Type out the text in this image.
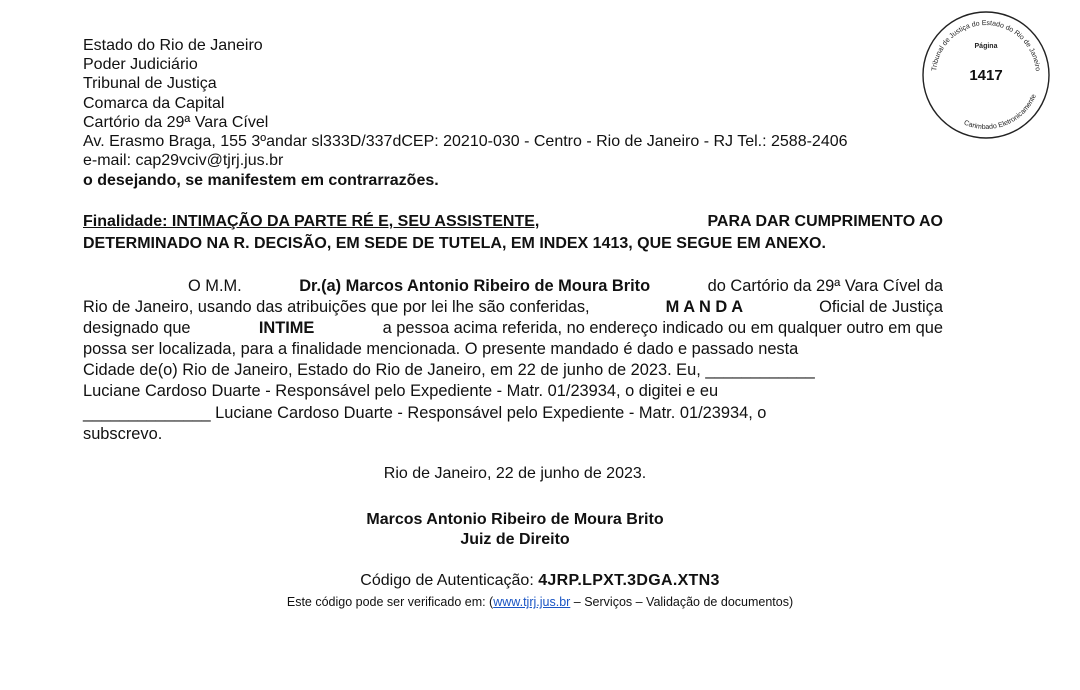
Estado do Rio de Janeiro
Poder Judiciário
Tribunal de Justiça
Comarca da Capital
Cartório da 29ª Vara Cível
Av. Erasmo Braga, 155 3ºandar sl333D/337dCEP: 20210-030 - Centro - Rio de Janeiro - RJ Tel.: 2588-2406
e-mail: cap29vciv@tjrj.jus.br
o desejando, se manifestem em contrarrazões.
Finalidade: INTIMAÇÃO DA PARTE RÉ E, SEU ASSISTENTE,	PARA DAR CUMPRIMENTO AO
DETERMINADO NA R. DECISÃO, EM SEDE DE TUTELA, EM INDEX 1413, QUE SEGUE EM ANEXO.
O M.M.	Dr.(a) Marcos Antonio Ribeiro de Moura Brito	do Cartório da 29ª Vara Cível da
Rio de Janeiro, usando das atribuições que por lei lhe são conferidas,	M A N D A	Oficial de Justiça
designado que	INTIME	a pessoa acima referida, no endereço indicado ou em qualquer outro em que
possa ser localizada, para a finalidade mencionada. O presente mandado é dado e passado nesta
Cidade de(o) Rio de Janeiro, Estado do Rio de Janeiro, em 22 de junho de 2023. Eu, ____________
Luciane Cardoso Duarte - Responsável pelo Expediente - Matr. 01/23934, o digitei e eu
______________ Luciane Cardoso Duarte - Responsável pelo Expediente - Matr. 01/23934, o
subscrevo.
Rio de Janeiro, 22 de junho de 2023.
Marcos Antonio Ribeiro de Moura Brito
Juiz de Direito
Código de Autenticação: 4JRP.LPXT.3DGA.XTN3
Este código pode ser verificado em: (www.tjrj.jus.br – Serviços – Validação de documentos)
Tribunal de Justiça do Estado do Rio de Janeiro
Carimbado Eletronicamente
Página
1417
